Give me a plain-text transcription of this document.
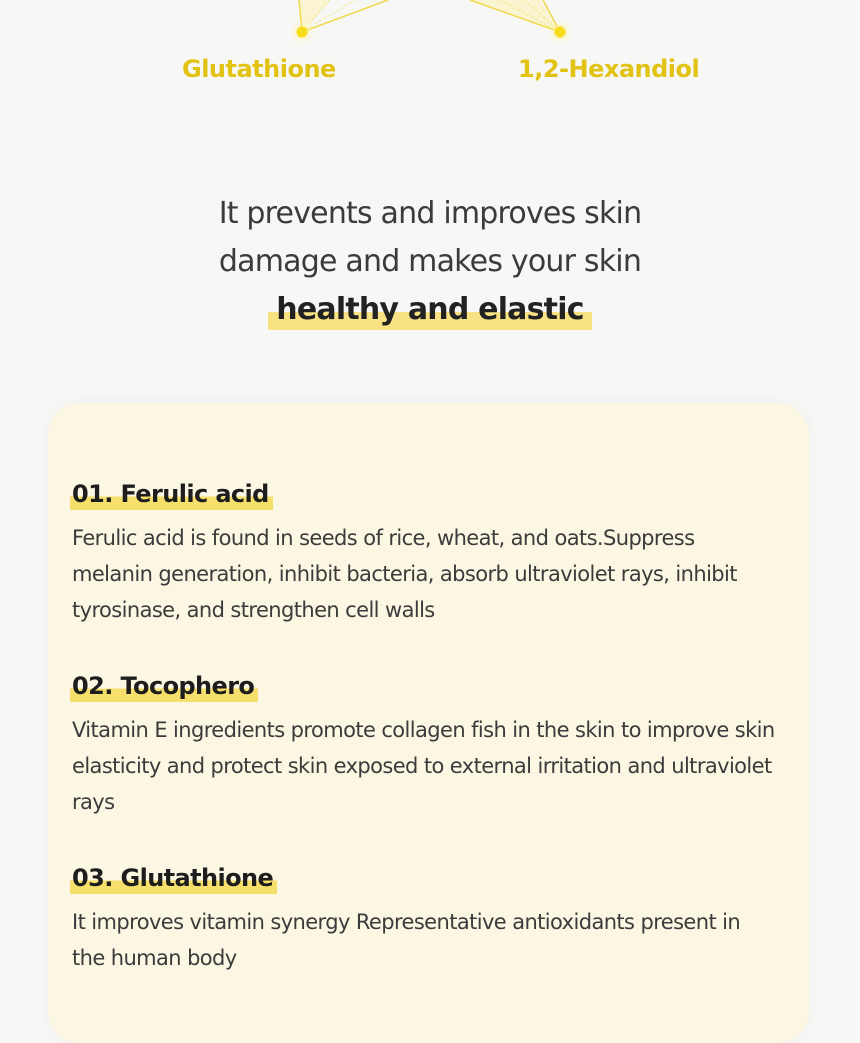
Glutathione	1,2-Hexandiol
It prevents and improves skin
damage and makes your skin
healthy and elastic
01. Ferulic acid
Ferulic acid is found in seeds of rice, wheat, and oats.Suppress melanin generation, inhibit bacteria, absorb ultraviolet rays, inhibit tyrosinase, and strengthen cell walls
02. Tocophero
Vitamin E ingredients promote collagen fish in the skin to improve skin elasticity and protect skin exposed to external irritation and ultraviolet rays
03. Glutathione
It improves vitamin synergy Representative antioxidants present in the human body
